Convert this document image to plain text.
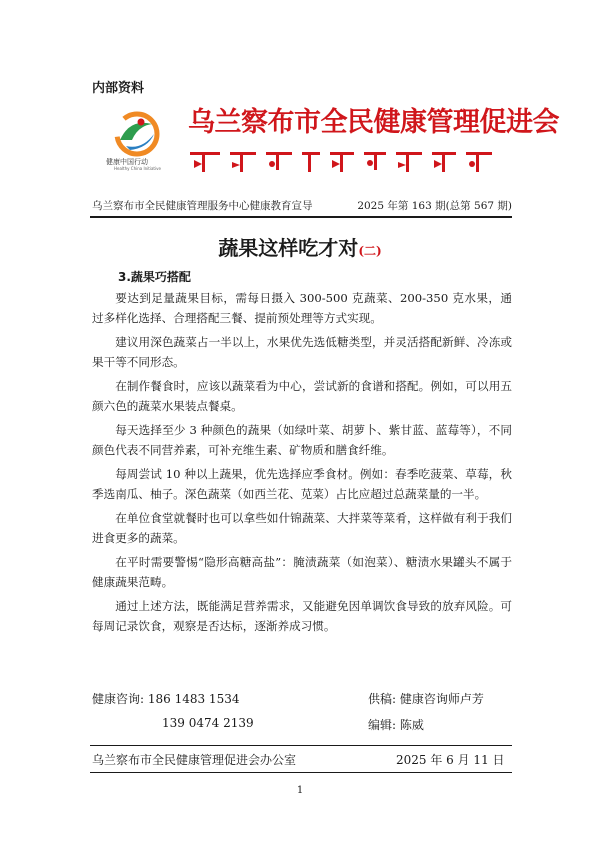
内部资料
健康中国行动
Healthy China Initiative
乌兰察布市全民健康管理促进会
乌兰察布市全民健康管理服务中心健康教育宣导	2025 年第 163 期(总第 567 期)
蔬果这样吃才对(二)
3.蔬果巧搭配

要达到足量蔬果目标，需每日摄入 300-500 克蔬菜、200-350 克水果，通过多样化选择、合理搭配三餐、提前预处理等方式实现。

建议用深色蔬菜占一半以上，水果优先选低糖类型，并灵活搭配新鲜、冷冻或果干等不同形态。

在制作餐食时，应该以蔬菜看为中心，尝试新的食谱和搭配。例如，可以用五颜六色的蔬菜水果装点餐桌。

每天选择至少 3 种颜色的蔬果（如绿叶菜、胡萝卜、紫甘蓝、蓝莓等），不同颜色代表不同营养素，可补充维生素、矿物质和膳食纤维。

每周尝试 10 种以上蔬果，优先选择应季食材。例如：春季吃菠菜、草莓，秋季选南瓜、柚子。深色蔬菜（如西兰花、苋菜）占比应超过总蔬菜量的一半。

在单位食堂就餐时也可以拿些如什锦蔬菜、大拌菜等菜肴，这样做有利于我们进食更多的蔬菜。

在平时需要警惕“隐形高糖高盐”：腌渍蔬菜（如泡菜）、糖渍水果罐头不属于健康蔬果范畴。

通过上述方法，既能满足营养需求，又能避免因单调饮食导致的放弃风险。可每周记录饮食，观察是否达标，逐渐养成习惯。

健康咨询: 186 1483 1534
139 0474 2139
供稿: 健康咨询师卢芳
编辑: 陈威
乌兰察布市全民健康管理促进会办公室	2025 年 6 月 11 日
1
